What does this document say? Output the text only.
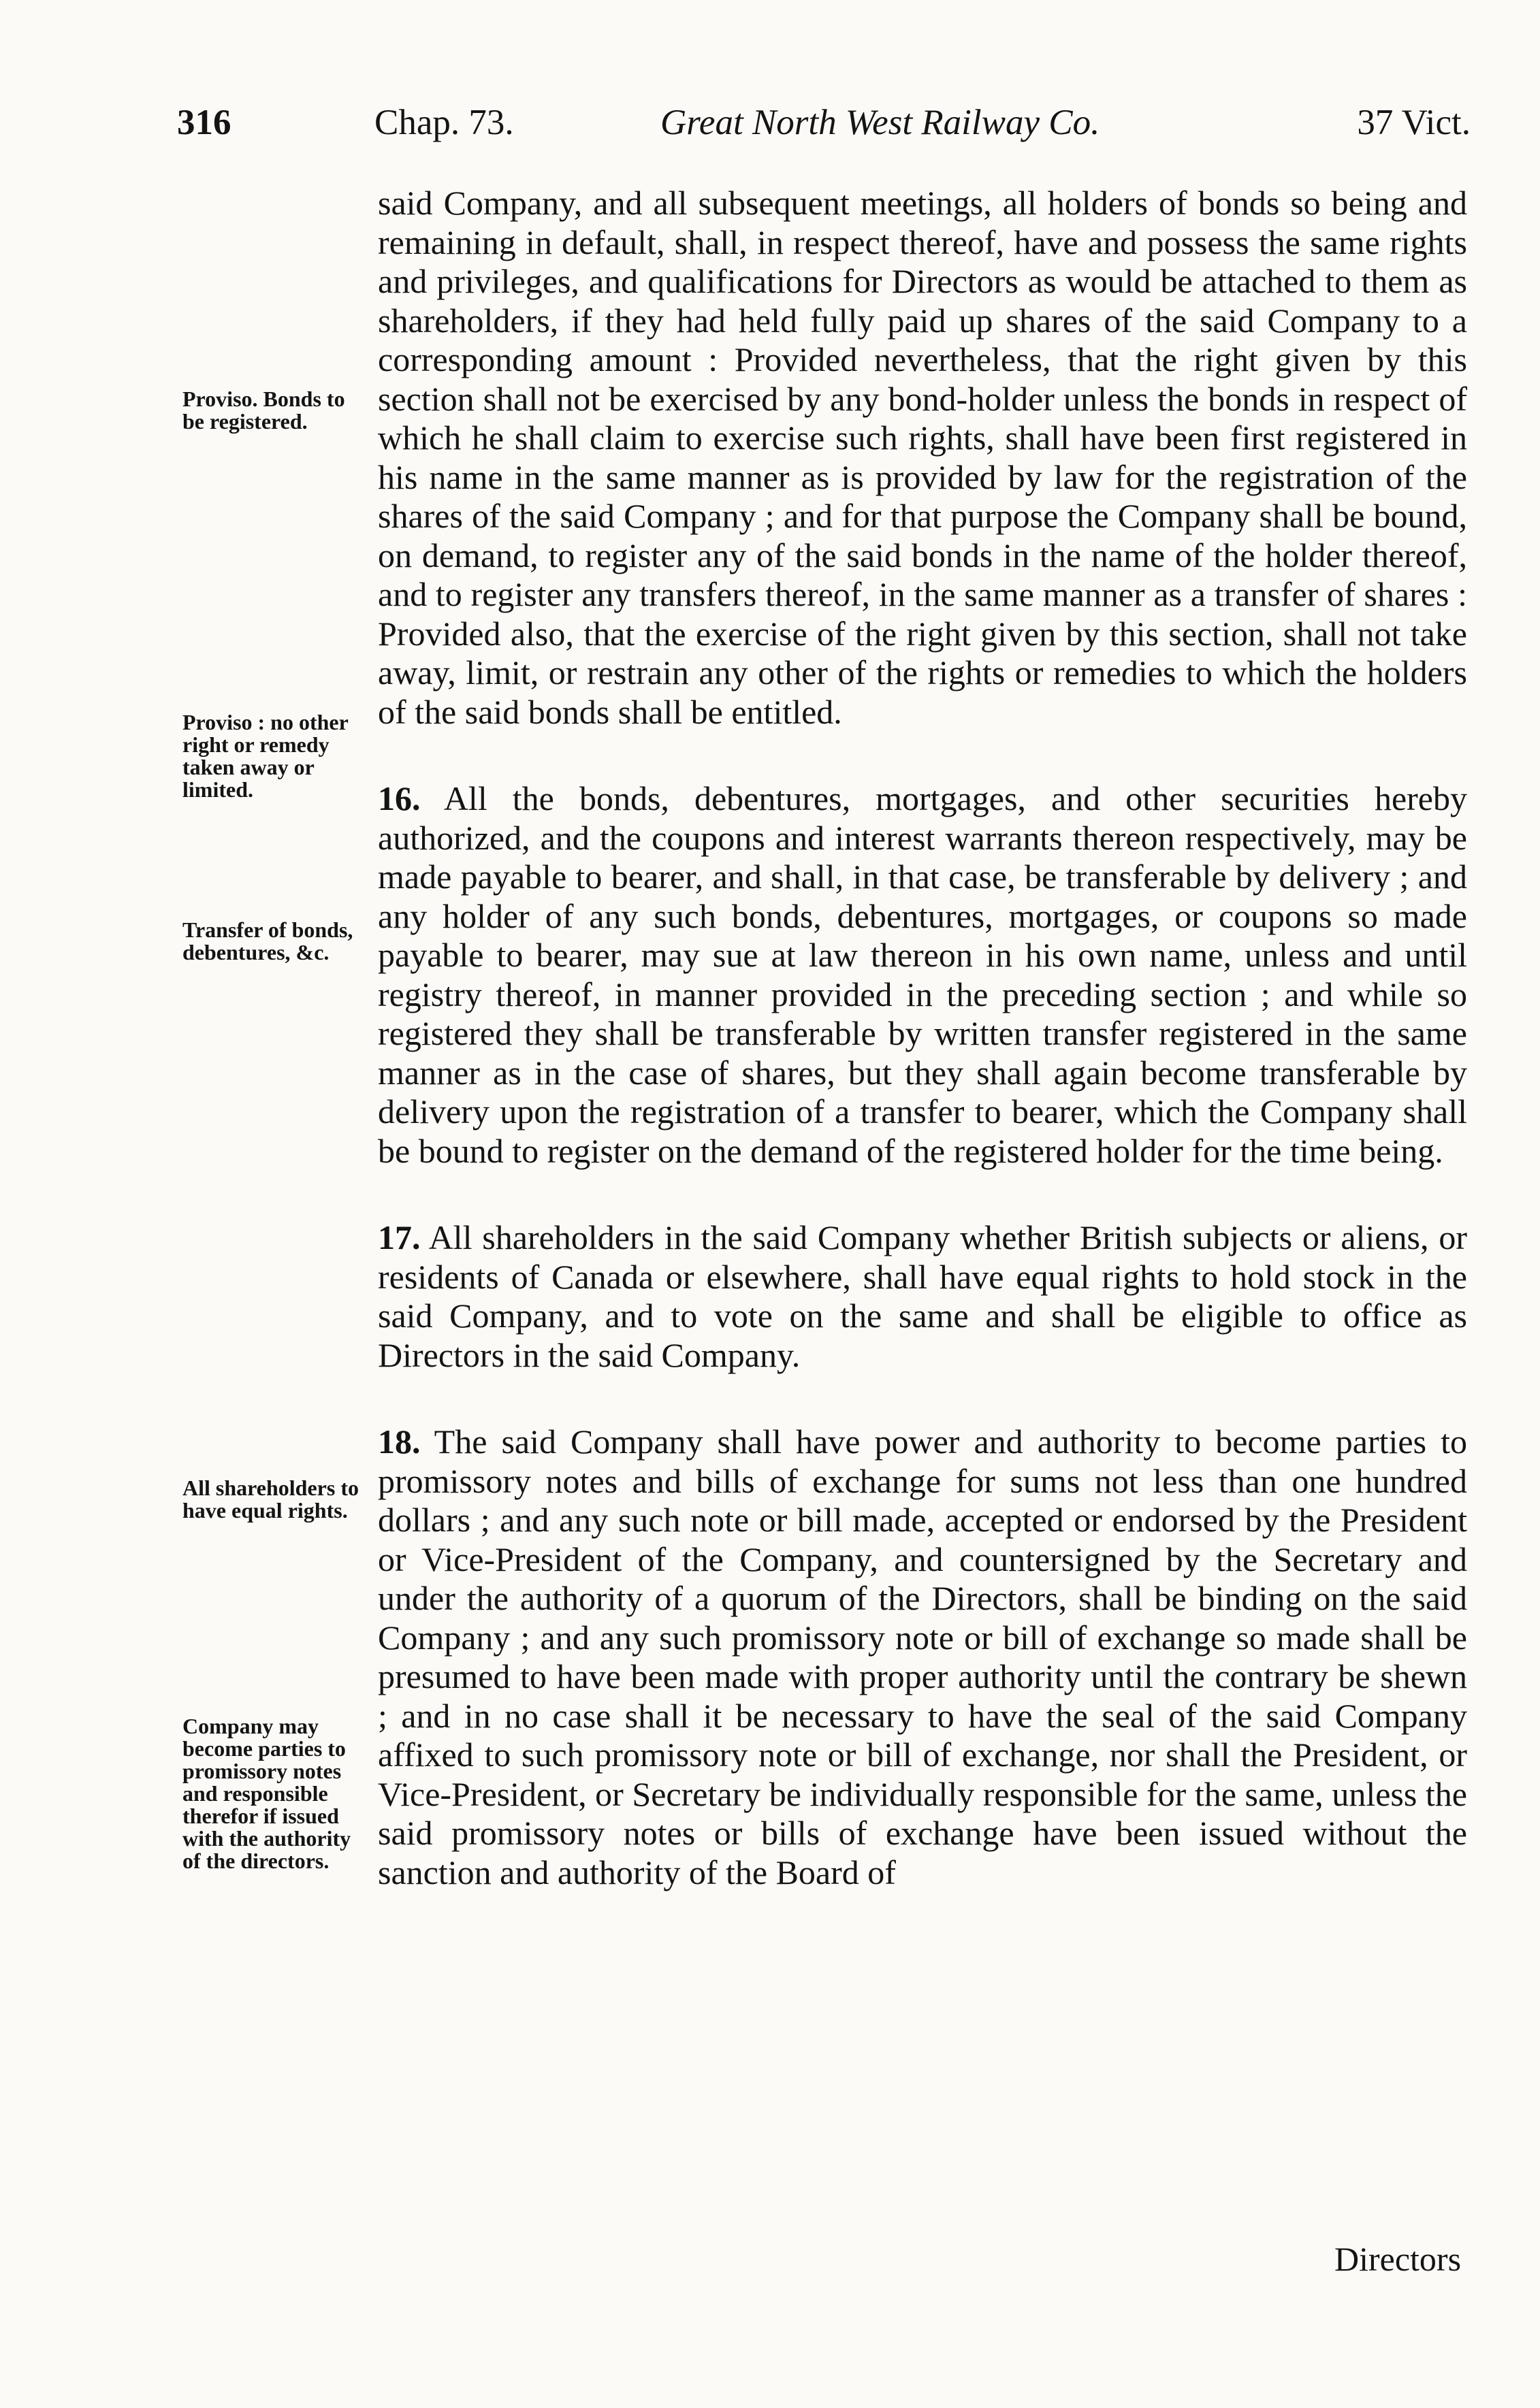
316	Chap. 73.	Great North West Railway Co.	37 Vict.

Proviso. Bonds to be registered.

Proviso : no other right or remedy taken away or limited.

Transfer of bonds, debentures, &c.

All shareholders to have equal rights.

Company may become parties to promissory notes and responsible therefor if issued with the authority of the directors.

said Company, and all subsequent meetings, all holders of bonds so being and remaining in default, shall, in respect thereof, have and possess the same rights and privileges, and qualifications for Directors as would be attached to them as shareholders, if they had held fully paid up shares of the said Company to a corresponding amount : Provided nevertheless, that the right given by this section shall not be exercised by any bond-holder unless the bonds in respect of which he shall claim to exercise such rights, shall have been first registered in his name in the same manner as is provided by law for the registration of the shares of the said Company ; and for that purpose the Company shall be bound, on demand, to register any of the said bonds in the name of the holder thereof, and to register any transfers thereof, in the same manner as a transfer of shares : Provided also, that the exercise of the right given by this section, shall not take away, limit, or restrain any other of the rights or remedies to which the holders of the said bonds shall be entitled.

16. All the bonds, debentures, mortgages, and other securities hereby authorized, and the coupons and interest warrants thereon respectively, may be made payable to bearer, and shall, in that case, be transferable by delivery ; and any holder of any such bonds, debentures, mortgages, or coupons so made payable to bearer, may sue at law thereon in his own name, unless and until registry thereof, in manner provided in the preceding section ; and while so registered they shall be transferable by written transfer registered in the same manner as in the case of shares, but they shall again become transferable by delivery upon the registration of a transfer to bearer, which the Company shall be bound to register on the demand of the registered holder for the time being.

17. All shareholders in the said Company whether British subjects or aliens, or residents of Canada or elsewhere, shall have equal rights to hold stock in the said Company, and to vote on the same and shall be eligible to office as Directors in the said Company.

18. The said Company shall have power and authority to become parties to promissory notes and bills of exchange for sums not less than one hundred dollars ; and any such note or bill made, accepted or endorsed by the President or Vice-President of the Company, and countersigned by the Secretary and under the authority of a quorum of the Directors, shall be binding on the said Company ; and any such promissory note or bill of exchange so made shall be presumed to have been made with proper authority until the contrary be shewn ; and in no case shall it be necessary to have the seal of the said Company affixed to such promissory note or bill of exchange, nor shall the President, or Vice-President, or Secretary be individually responsible for the same, unless the said promissory notes or bills of exchange have been issued without the sanction and authority of the Board of

Directors
